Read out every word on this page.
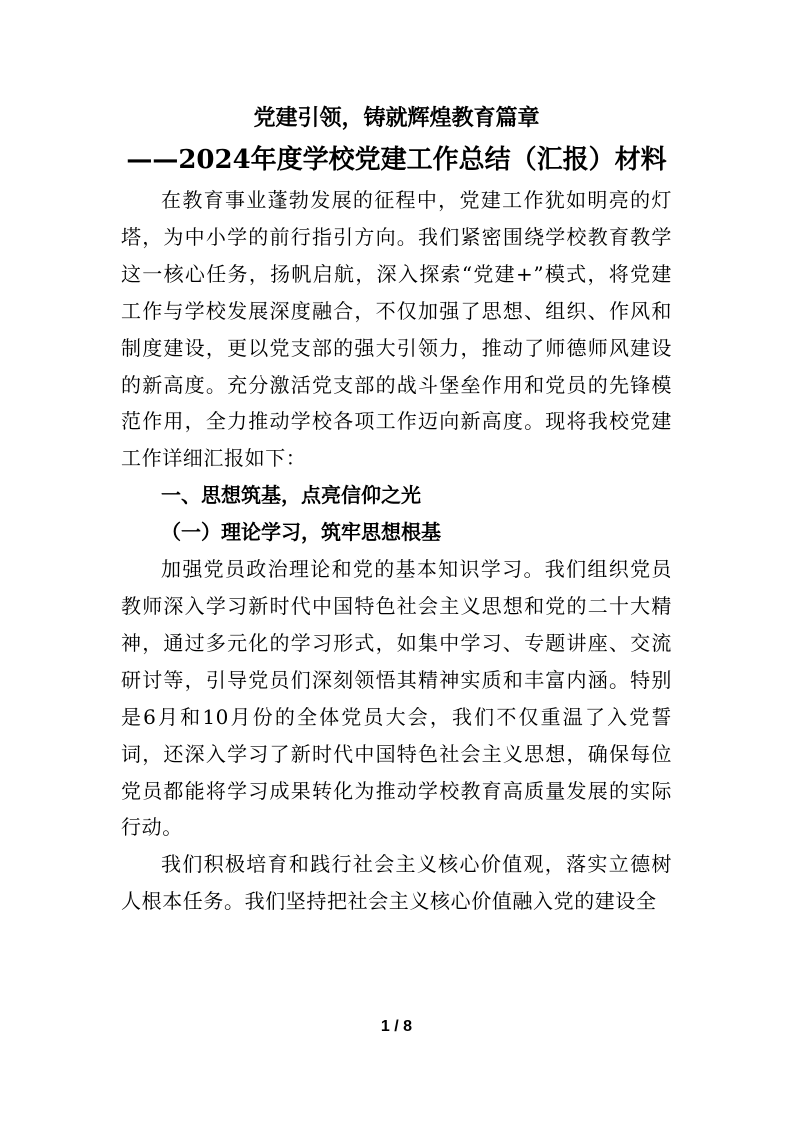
党建引领，铸就辉煌教育篇章
——2024年度学校党建工作总结（汇报）材料

在教育事业蓬勃发展的征程中，党建工作犹如明亮的灯塔，为中小学的前行指引方向。我们紧密围绕学校教育教学这一核心任务，扬帆启航，深入探索“党建+”模式，将党建工作与学校发展深度融合，不仅加强了思想、组织、作风和制度建设，更以党支部的强大引领力，推动了师德师风建设的新高度。充分激活党支部的战斗堡垒作用和党员的先锋模范作用，全力推动学校各项工作迈向新高度。现将我校党建工作详细汇报如下：

一、思想筑基，点亮信仰之光

（一）理论学习，筑牢思想根基

加强党员政治理论和党的基本知识学习。我们组织党员教师深入学习新时代中国特色社会主义思想和党的二十大精神，通过多元化的学习形式，如集中学习、专题讲座、交流研讨等，引导党员们深刻领悟其精神实质和丰富内涵。特别是6月和10月份的全体党员大会，我们不仅重温了入党誓词，还深入学习了新时代中国特色社会主义思想，确保每位党员都能将学习成果转化为推动学校教育高质量发展的实际行动。

我们积极培育和践行社会主义核心价值观，落实立德树人根本任务。我们坚持把社会主义核心价值融入党的建设全

1 / 8
